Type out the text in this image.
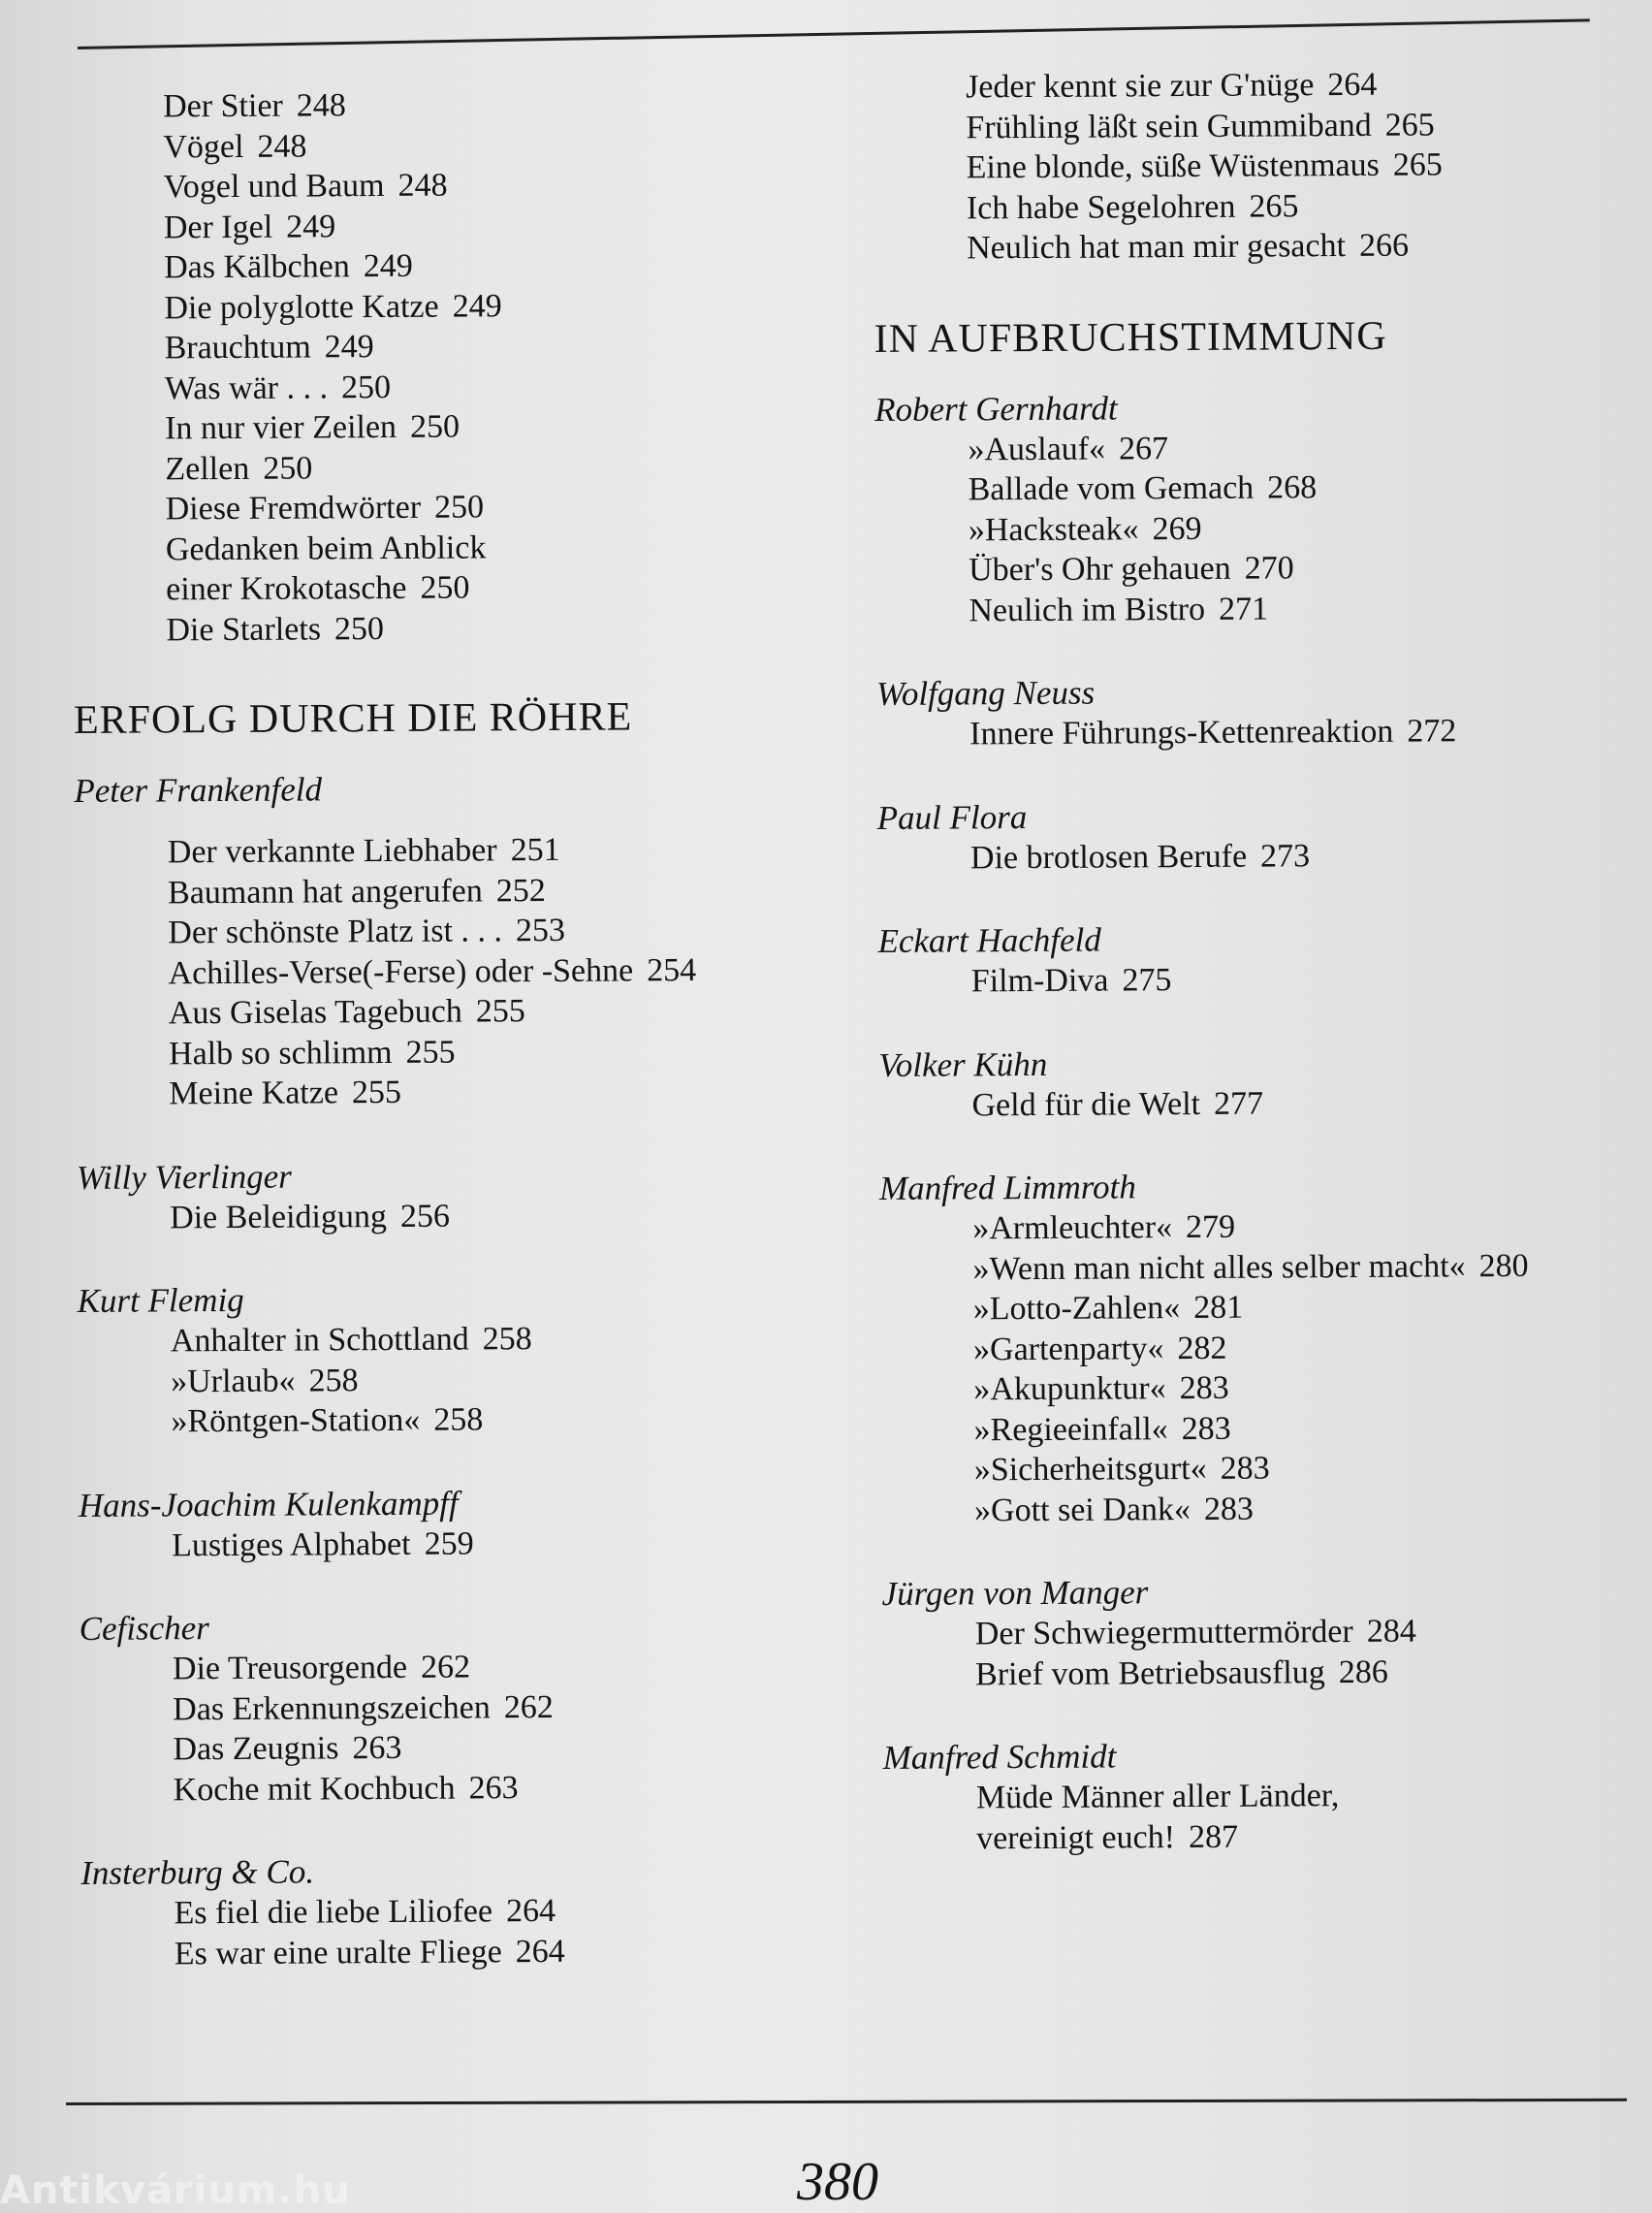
Der Stier 248
Vögel 248
Vogel und Baum 248
Der Igel 249
Das Kälbchen 249
Die polyglotte Katze 249
Brauchtum 249
Was wär . . . 250
In nur vier Zeilen 250
Zellen 250
Diese Fremdwörter 250
Gedanken beim Anblick
einer Krokotasche 250
Die Starlets 250
ERFOLG DURCH DIE RÖHRE
Peter Frankenfeld
Der verkannte Liebhaber 251
Baumann hat angerufen 252
Der schönste Platz ist . . . 253
Achilles-Verse(-Ferse) oder -Sehne 254
Aus Giselas Tagebuch 255
Halb so schlimm 255
Meine Katze 255
Willy Vierlinger
Die Beleidigung 256
Kurt Flemig
Anhalter in Schottland 258
»Urlaub« 258
»Röntgen-Station« 258
Hans-Joachim Kulenkampff
Lustiges Alphabet 259
Cefischer
Die Treusorgende 262
Das Erkennungszeichen 262
Das Zeugnis 263
Koche mit Kochbuch 263
Insterburg & Co.
Es fiel die liebe Liliofee 264
Es war eine uralte Fliege 264
Jeder kennt sie zur G'nüge 264
Frühling läßt sein Gummiband 265
Eine blonde, süße Wüstenmaus 265
Ich habe Segelohren 265
Neulich hat man mir gesacht 266
IN AUFBRUCHSTIMMUNG
Robert Gernhardt
»Auslauf« 267
Ballade vom Gemach 268
»Hacksteak« 269
Über's Ohr gehauen 270
Neulich im Bistro 271
Wolfgang Neuss
Innere Führungs-Kettenreaktion 272
Paul Flora
Die brotlosen Berufe 273
Eckart Hachfeld
Film-Diva 275
Volker Kühn
Geld für die Welt 277
Manfred Limmroth
»Armleuchter« 279
»Wenn man nicht alles selber macht« 280
»Lotto-Zahlen« 281
»Gartenparty« 282
»Akupunktur« 283
»Regieeinfall« 283
»Sicherheitsgurt« 283
»Gott sei Dank« 283
Jürgen von Manger
Der Schwiegermuttermörder 284
Brief vom Betriebsausflug 286
Manfred Schmidt
Müde Männer aller Länder,
vereinigt euch! 287
380
Antikvárium.hu
